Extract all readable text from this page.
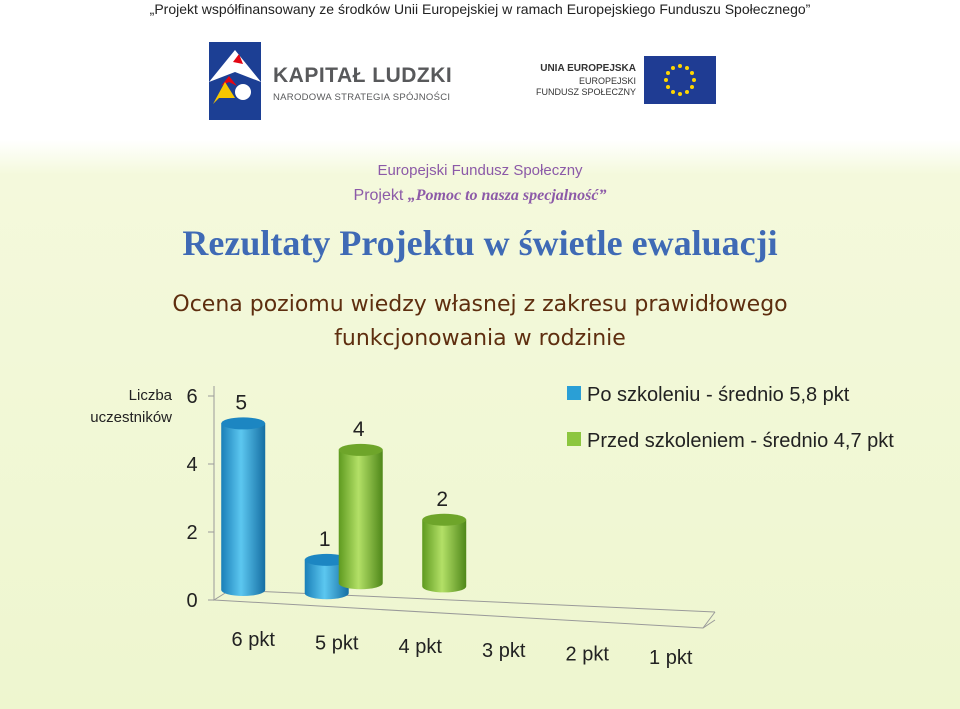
„Projekt współfinansowany ze środków Unii Europejskiej w ramach Europejskiego Funduszu Społecznego”
KAPITAŁ LUDZKI
NARODOWA STRATEGIA SPÓJNOŚCI
UNIA EUROPEJSKA
EUROPEJSKI
FUNDUSZ SPOŁECZNY
Europejski Fundusz Społeczny
Projekt „Pomoc to nasza specjalność”
Rezultaty Projektu w świetle ewaluacji
Ocena poziomu wiedzy własnej z zakresu prawidłowego
funkcjonowania w rodzinie
Liczba
uczestników
0
2
4
6
6 pkt 5 pkt 4 pkt 3 pkt 2 pkt 1 pkt
5
1
4
2
Po szkoleniu - średnio 5,8 pkt
Przed szkoleniem - średnio 4,7 pkt
